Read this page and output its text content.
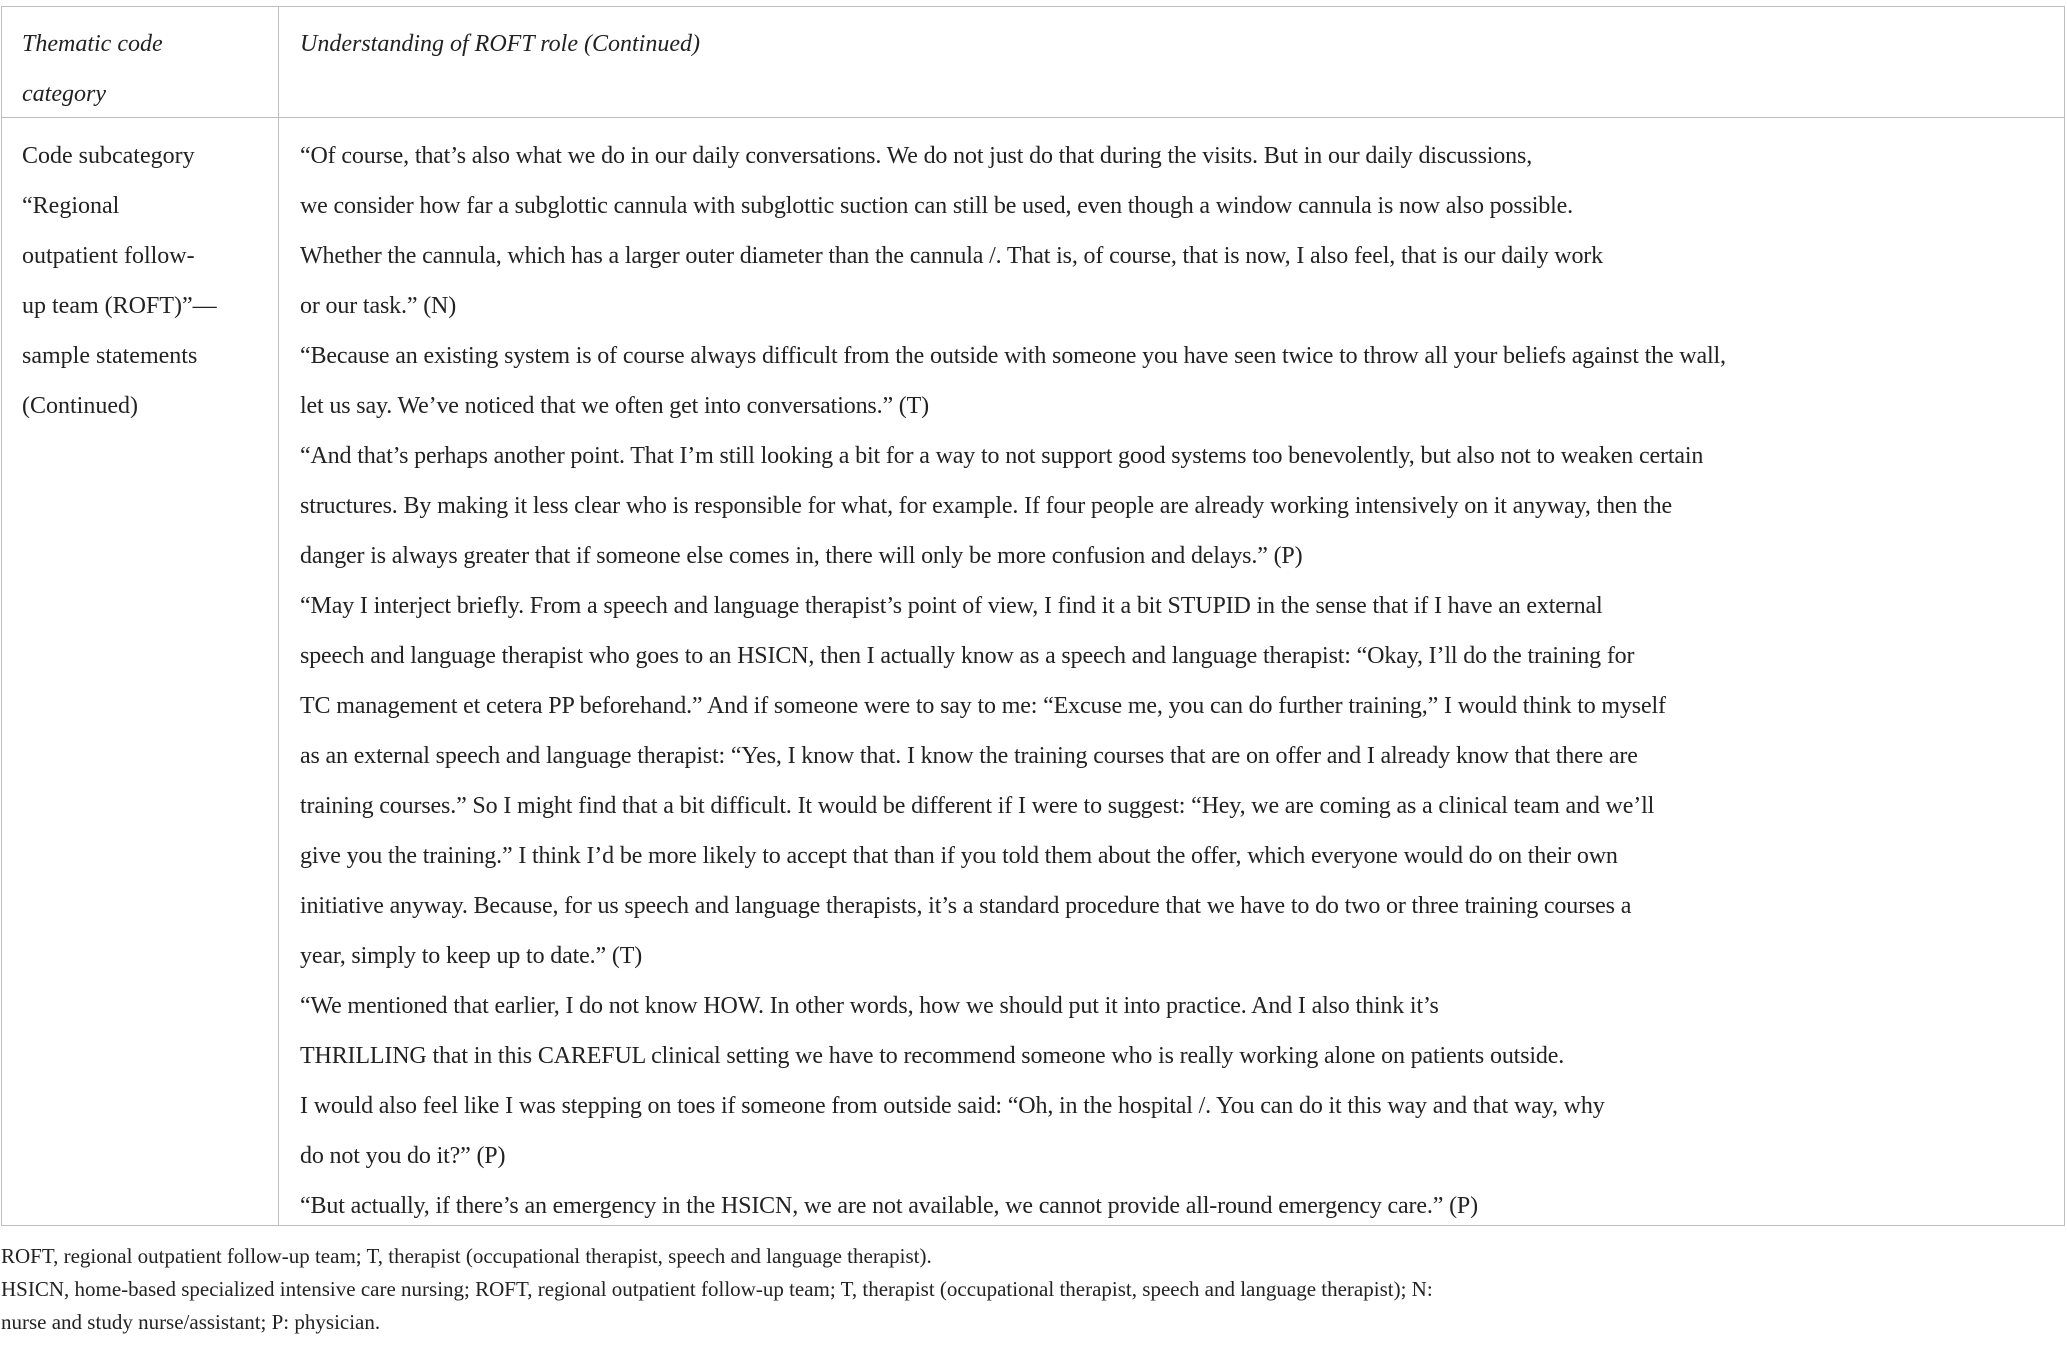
Thematic code
category
Understanding of ROFT role (Continued)
Code subcategory
“Regional
outpatient follow-
up team (ROFT)”—
sample statements
(Continued)
“Of course, that’s also what we do in our daily conversations. We do not just do that during the visits. But in our daily discussions,
we consider how far a subglottic cannula with subglottic suction can still be used, even though a window cannula is now also possible.
Whether the cannula, which has a larger outer diameter than the cannula /. That is, of course, that is now, I also feel, that is our daily work
or our task.” (N)
“Because an existing system is of course always difficult from the outside with someone you have seen twice to throw all your beliefs against the wall,
let us say. We’ve noticed that we often get into conversations.” (T)
“And that’s perhaps another point. That I’m still looking a bit for a way to not support good systems too benevolently, but also not to weaken certain
structures. By making it less clear who is responsible for what, for example. If four people are already working intensively on it anyway, then the
danger is always greater that if someone else comes in, there will only be more confusion and delays.” (P)
“May I interject briefly. From a speech and language therapist’s point of view, I find it a bit STUPID in the sense that if I have an external
speech and language therapist who goes to an HSICN, then I actually know as a speech and language therapist: “Okay, I’ll do the training for
TC management et cetera PP beforehand.” And if someone were to say to me: “Excuse me, you can do further training,” I would think to myself
as an external speech and language therapist: “Yes, I know that. I know the training courses that are on offer and I already know that there are
training courses.” So I might find that a bit difficult. It would be different if I were to suggest: “Hey, we are coming as a clinical team and we’ll
give you the training.” I think I’d be more likely to accept that than if you told them about the offer, which everyone would do on their own
initiative anyway. Because, for us speech and language therapists, it’s a standard procedure that we have to do two or three training courses a
year, simply to keep up to date.” (T)
“We mentioned that earlier, I do not know HOW. In other words, how we should put it into practice. And I also think it’s
THRILLING that in this CAREFUL clinical setting we have to recommend someone who is really working alone on patients outside.
I would also feel like I was stepping on toes if someone from outside said: “Oh, in the hospital /. You can do it this way and that way, why
do not you do it?” (P)
“But actually, if there’s an emergency in the HSICN, we are not available, we cannot provide all-round emergency care.” (P)
ROFT, regional outpatient follow-up team; T, therapist (occupational therapist, speech and language therapist).
HSICN, home-based specialized intensive care nursing; ROFT, regional outpatient follow-up team; T, therapist (occupational therapist, speech and language therapist); N:
nurse and study nurse/assistant; P: physician.
